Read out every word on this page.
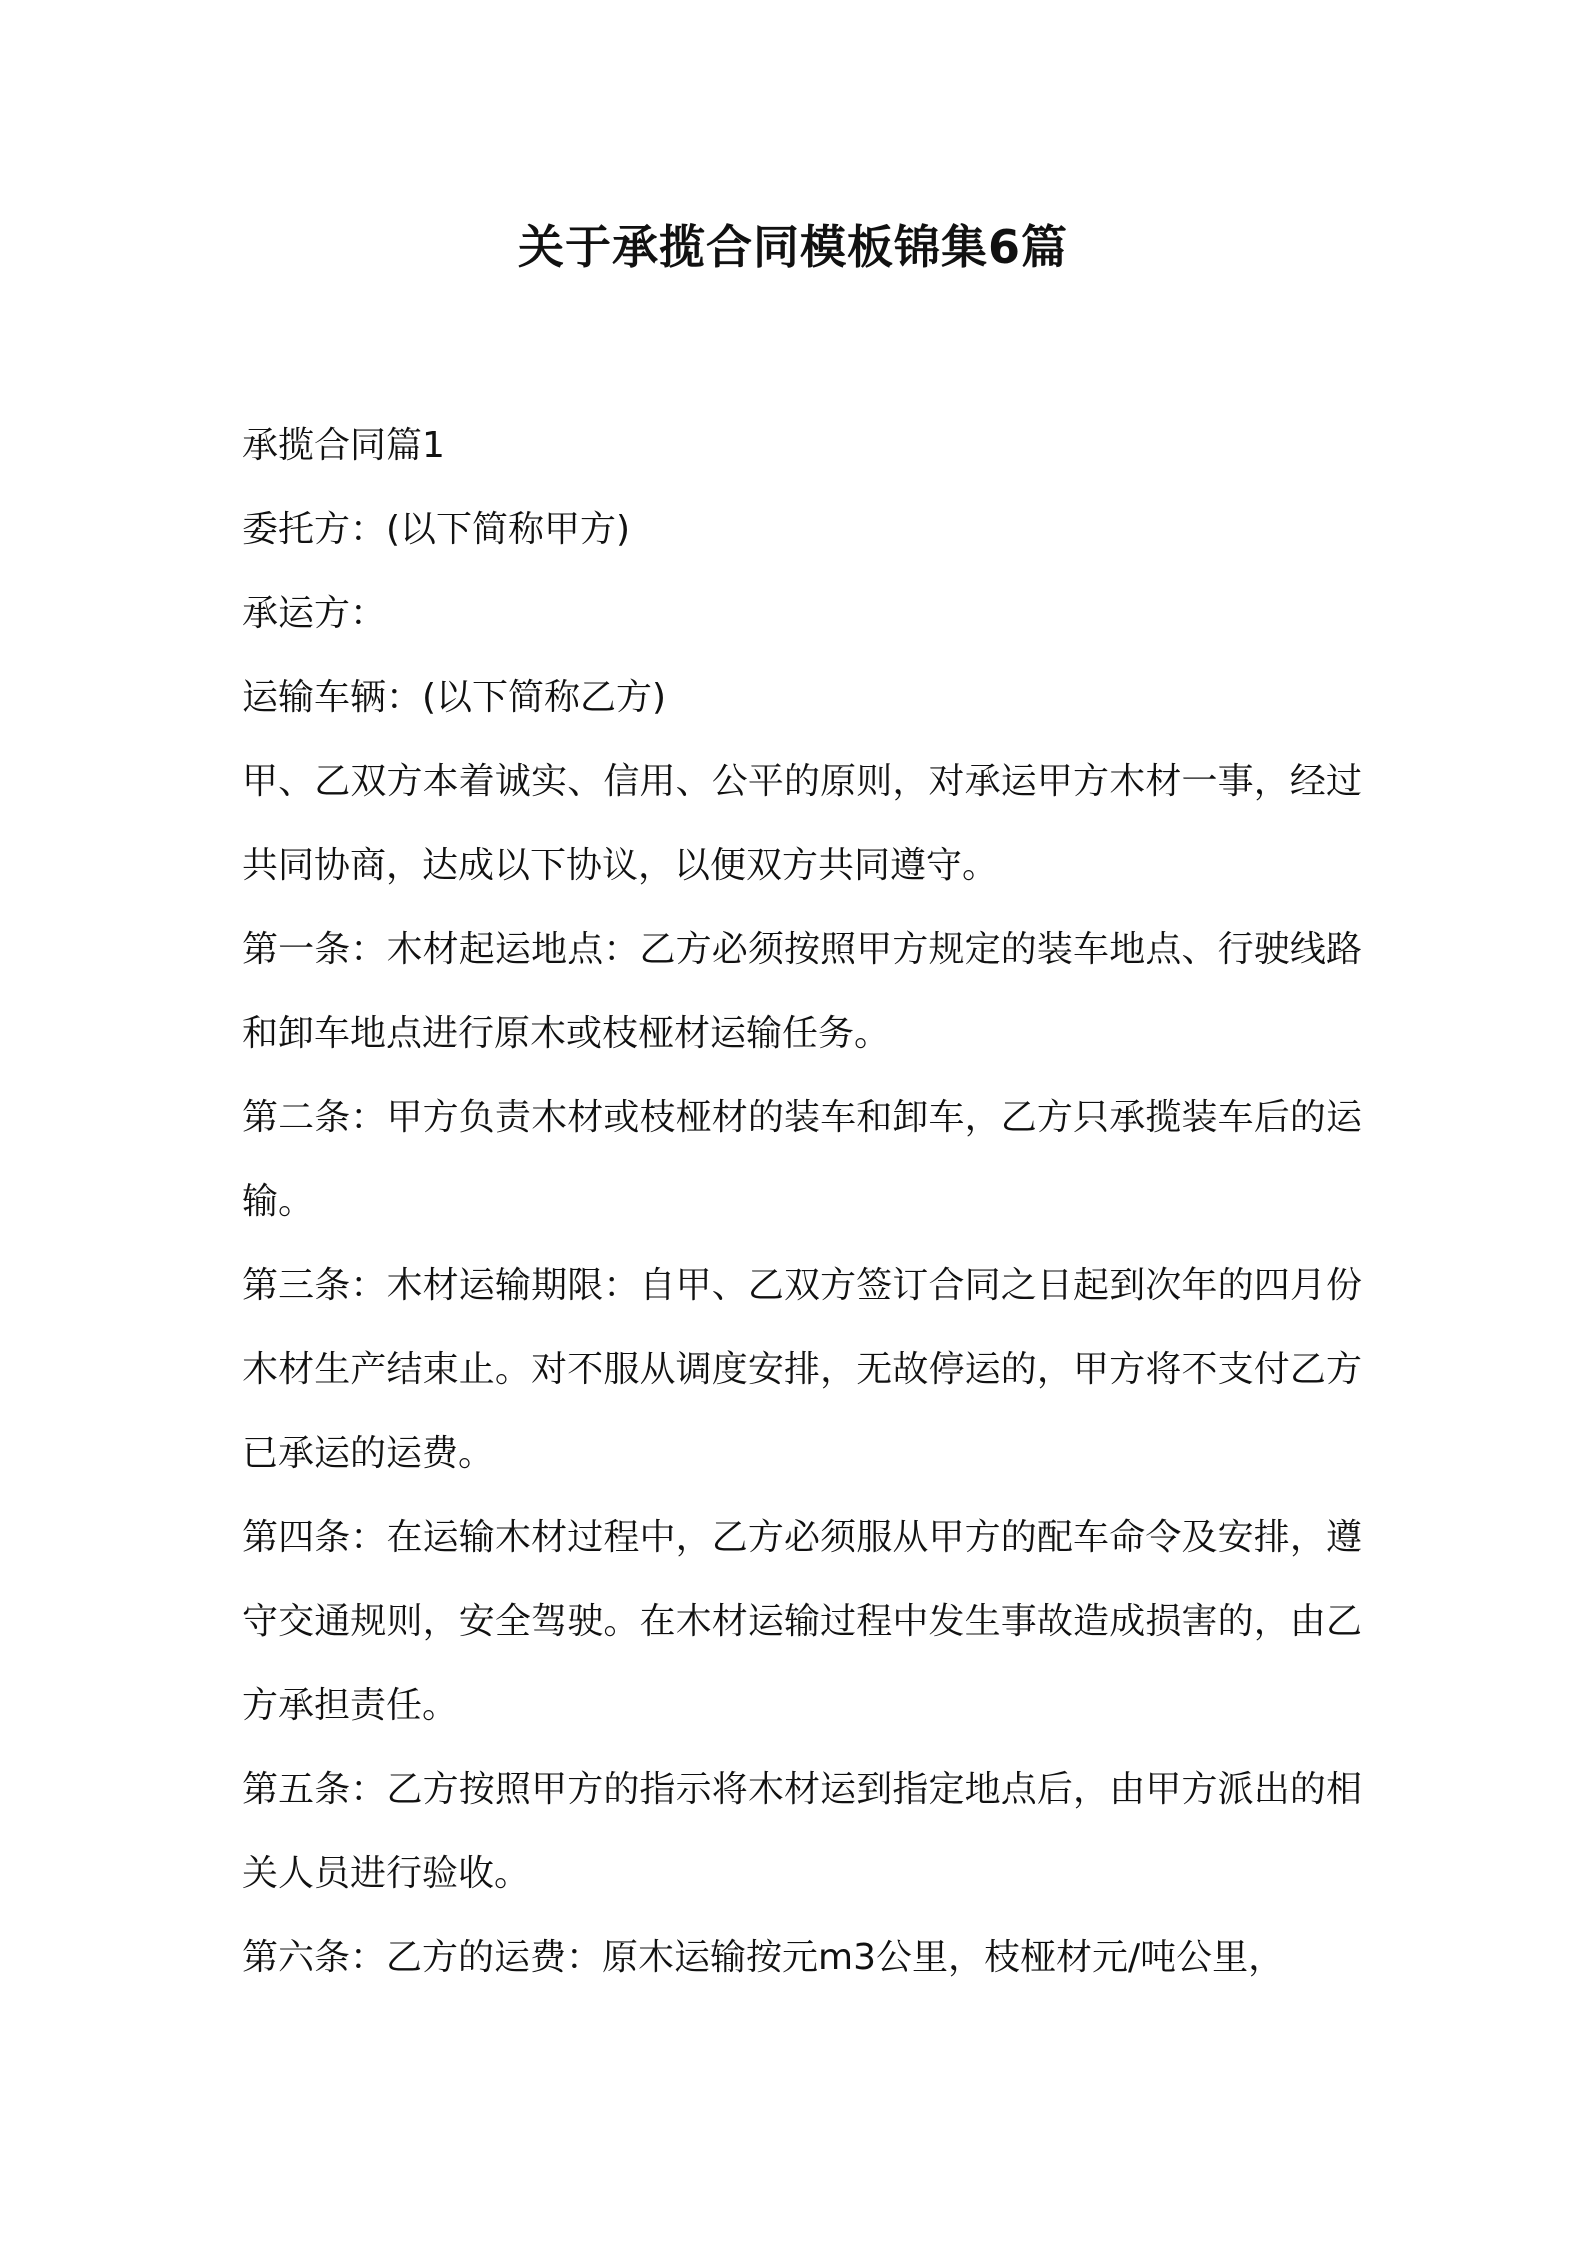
关于承揽合同模板锦集6篇

承揽合同篇1

委托方：(以下简称甲方)

承运方：

运输车辆：(以下简称乙方)

甲、乙双方本着诚实、信用、公平的原则，对承运甲方木材一事，经过共同协商，达成以下协议，以便双方共同遵守。

第一条：木材起运地点：乙方必须按照甲方规定的装车地点、行驶线路和卸车地点进行原木或枝桠材运输任务。

第二条：甲方负责木材或枝桠材的装车和卸车，乙方只承揽装车后的运输。

第三条：木材运输期限：自甲、乙双方签订合同之日起到次年的四月份木材生产结束止。对不服从调度安排，无故停运的，甲方将不支付乙方已承运的运费。

第四条：在运输木材过程中，乙方必须服从甲方的配车命令及安排，遵守交通规则，安全驾驶。在木材运输过程中发生事故造成损害的，由乙方承担责任。

第五条：乙方按照甲方的指示将木材运到指定地点后，由甲方派出的相关人员进行验收。

第六条：乙方的运费：原木运输按元m3公里，枝桠材元/吨公里，
